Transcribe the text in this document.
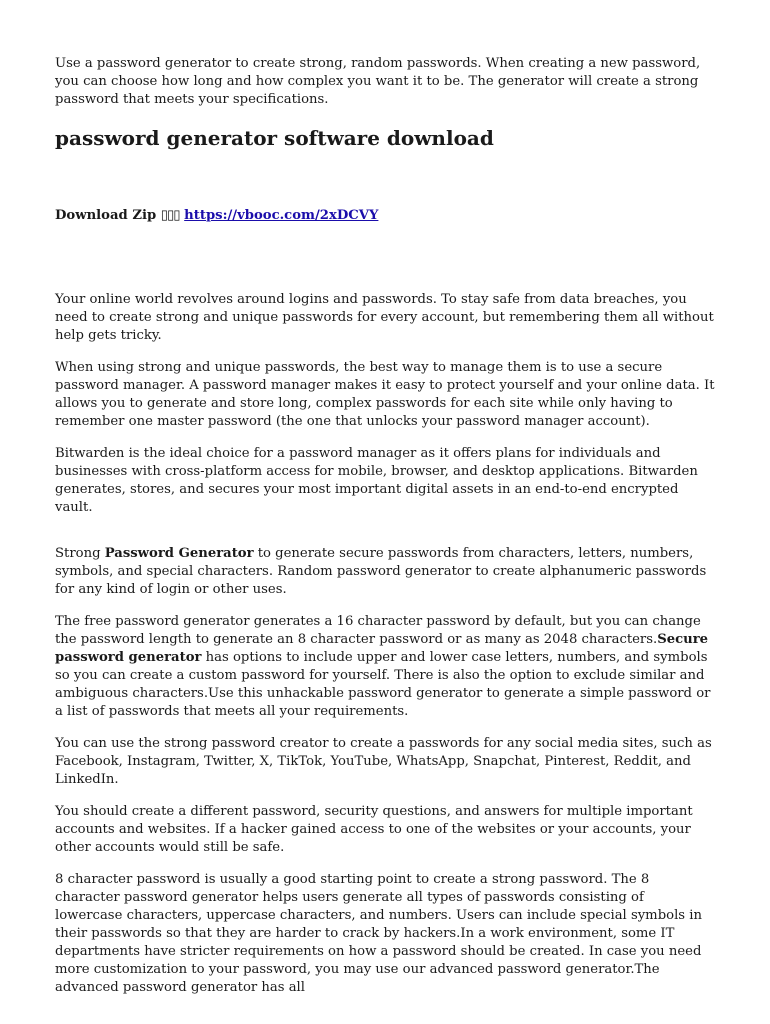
Use a password generator to create strong, random passwords. When creating a new password, you can choose how long and how complex you want it to be. The generator will create a strong password that meets your specifications.

password generator software download
Download Zip ▯▯▯ https://vbooc.com/2xDCVY

Your online world revolves around logins and passwords. To stay safe from data breaches, you need to create strong and unique passwords for every account, but remembering them all without help gets tricky.

When using strong and unique passwords, the best way to manage them is to use a secure password manager. A password manager makes it easy to protect yourself and your online data. It allows you to generate and store long, complex passwords for each site while only having to remember one master password (the one that unlocks your password manager account).

Bitwarden is the ideal choice for a password manager as it offers plans for individuals and businesses with cross-platform access for mobile, browser, and desktop applications. Bitwarden generates, stores, and secures your most important digital assets in an end-to-end encrypted vault.

Strong Password Generator to generate secure passwords from characters, letters, numbers, symbols, and special characters. Random password generator to create alphanumeric passwords for any kind of login or other uses.

The free password generator generates a 16 character password by default, but you can change the password length to generate an 8 character password or as many as 2048 characters.Secure password generator has options to include upper and lower case letters, numbers, and symbols so you can create a custom password for yourself. There is also the option to exclude similar and ambiguous characters.Use this unhackable password generator to generate a simple password or a list of passwords that meets all your requirements.

You can use the strong password creator to create a passwords for any social media sites, such as Facebook, Instagram, Twitter, X, TikTok, YouTube, WhatsApp, Snapchat, Pinterest, Reddit, and LinkedIn.

You should create a different password, security questions, and answers for multiple important accounts and websites. If a hacker gained access to one of the websites or your accounts, your other accounts would still be safe.

8 character password is usually a good starting point to create a strong password. The 8 character password generator helps users generate all types of passwords consisting of lowercase characters, uppercase characters, and numbers. Users can include special symbols in their passwords so that they are harder to crack by hackers.In a work environment, some IT departments have stricter requirements on how a password should be created. In case you need more customization to your password, you may use our advanced password generator.The advanced password generator has all
